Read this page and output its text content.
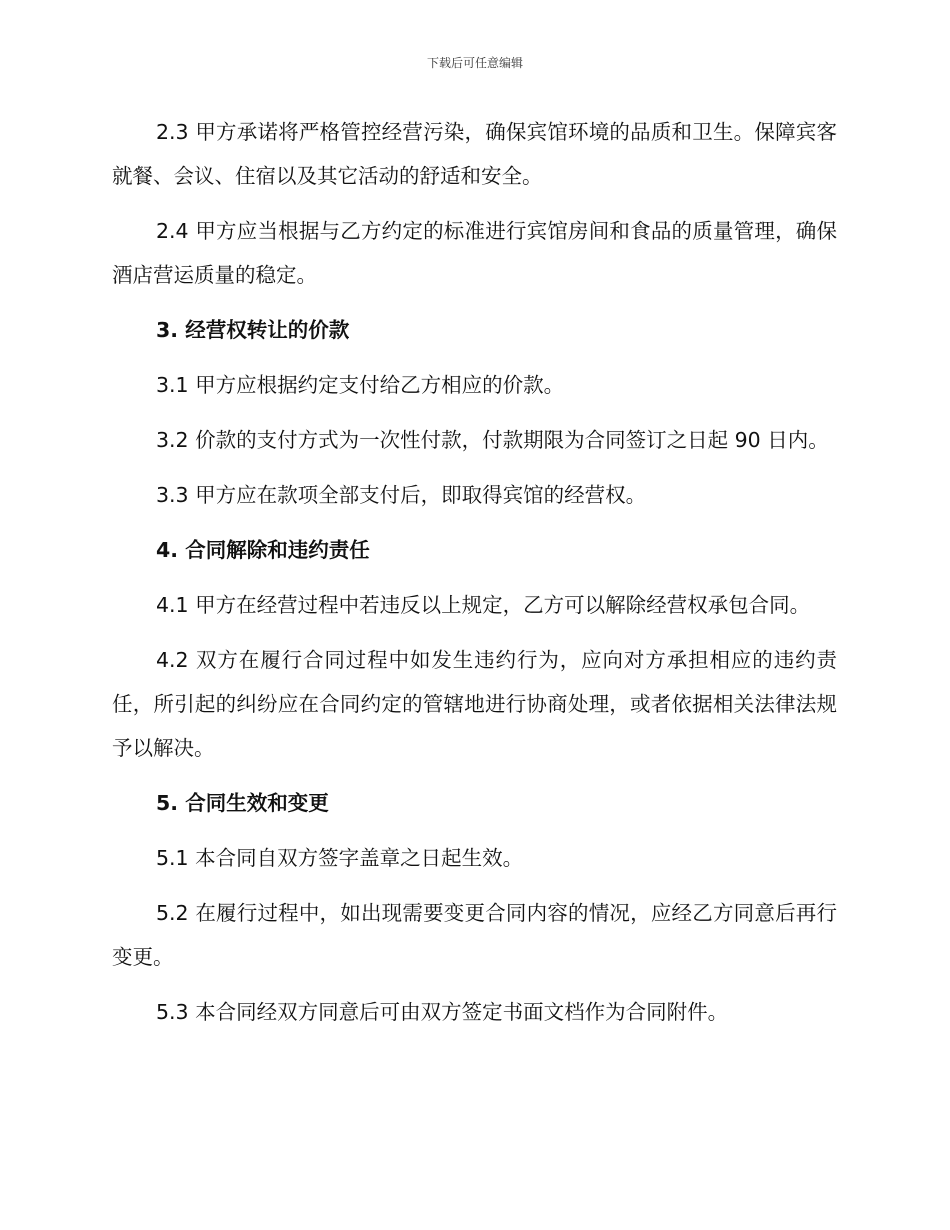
下载后可任意编辑

2.3 甲方承诺将严格管控经营污染，确保宾馆环境的品质和卫生。保障宾客就餐、会议、住宿以及其它活动的舒适和安全。

2.4 甲方应当根据与乙方约定的标准进行宾馆房间和食品的质量管理，确保酒店营运质量的稳定。

3. 经营权转让的价款

3.1 甲方应根据约定支付给乙方相应的价款。

3.2 价款的支付方式为一次性付款，付款期限为合同签订之日起 90 日内。

3.3 甲方应在款项全部支付后，即取得宾馆的经营权。

4. 合同解除和违约责任

4.1 甲方在经营过程中若违反以上规定，乙方可以解除经营权承包合同。

4.2 双方在履行合同过程中如发生违约行为，应向对方承担相应的违约责任，所引起的纠纷应在合同约定的管辖地进行协商处理，或者依据相关法律法规予以解决。

5. 合同生效和变更

5.1 本合同自双方签字盖章之日起生效。

5.2 在履行过程中，如出现需要变更合同内容的情况，应经乙方同意后再行变更。

5.3 本合同经双方同意后可由双方签定书面文档作为合同附件。
